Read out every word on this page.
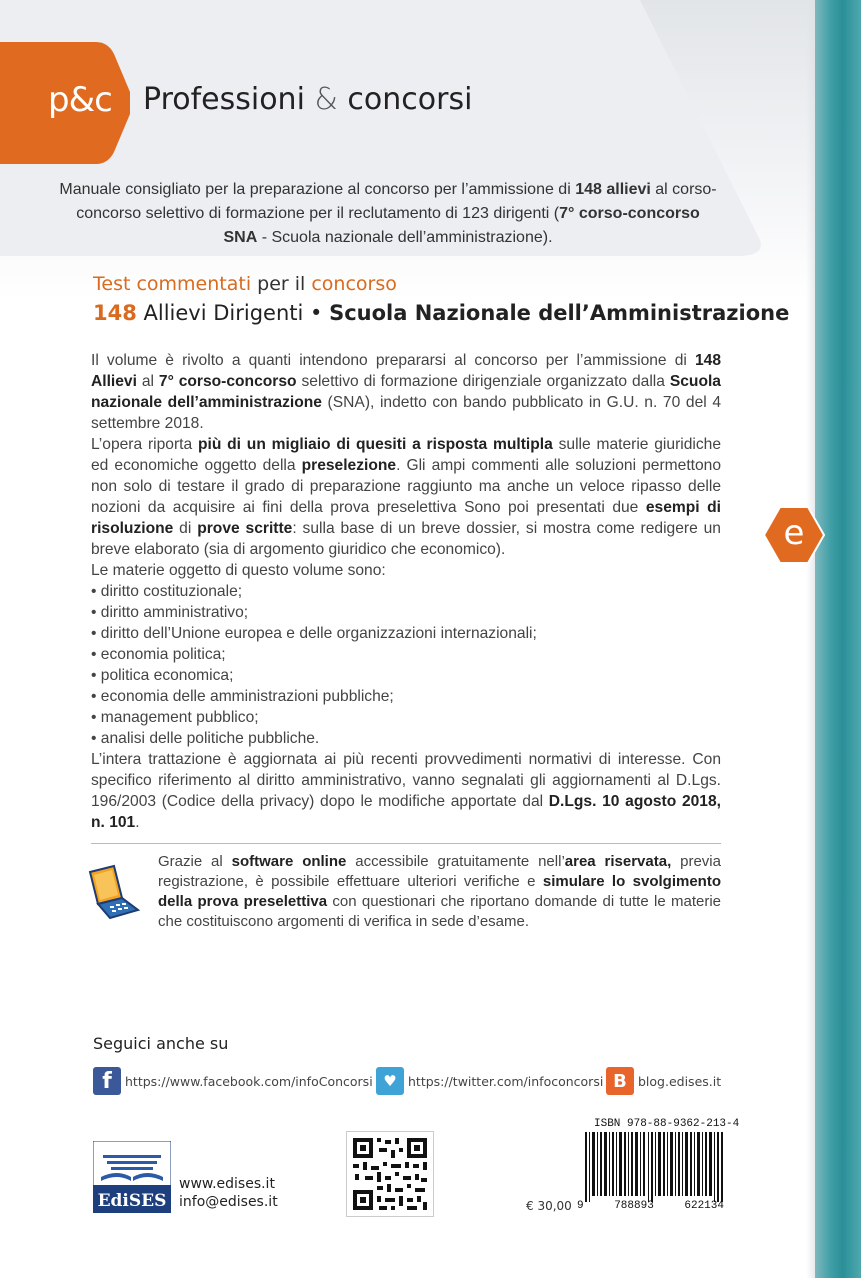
p&c Professioni & concorsi
Manuale consigliato per la preparazione al concorso per l’ammissione di 148 allievi al corso-concorso selettivo di formazione per il reclutamento di 123 dirigenti (7° corso-concorso SNA - Scuola nazionale dell’amministrazione).
Test commentati per il concorso
148 Allievi Dirigenti • Scuola Nazionale dell’Amministrazione

Il volume è rivolto a quanti intendono prepararsi al concorso per l’ammissione di 148 Allievi al 7° corso-concorso selettivo di formazione dirigenziale organizzato dalla Scuola nazionale dell’amministrazione (SNA), indetto con bando pubblicato in G.U. n. 70 del 4 settembre 2018.

L’opera riporta più di un migliaio di quesiti a risposta multipla sulle materie giuridiche ed economiche oggetto della preselezione. Gli ampi commenti alle soluzioni permettono non solo di testare il grado di preparazione raggiunto ma anche un veloce ripasso delle nozioni da acquisire ai fini della prova preselettiva Sono poi presentati due esempi di risoluzione di prove scritte: sulla base di un breve dossier, si mostra come redigere un breve elaborato (sia di argomento giuridico che economico).

Le materie oggetto di questo volume sono:

• diritto costituzionale;
• diritto amministrativo;
• diritto dell’Unione europea e delle organizzazioni internazionali;
• economia politica;
• politica economica;
• economia delle amministrazioni pubbliche;
• management pubblico;
• analisi delle politiche pubbliche.

L’intera trattazione è aggiornata ai più recenti provvedimenti normativi di interesse. Con specifico riferimento al diritto amministrativo, vanno segnalati gli aggiornamenti al D.Lgs. 196/2003 (Codice della privacy) dopo le modifiche apportate dal D.Lgs. 10 agosto 2018, n. 101.

Grazie al software online accessibile gratuitamente nell’area riservata, previa registrazione, è possibile effettuare ulteriori verifiche e simulare lo svolgimento della prova preselettiva con questionari che riportano domande di tutte le materie che costituiscono argomenti di verifica in sede d’esame.
e
Seguici anche su
f	https://www.facebook.com/infoConcorsi ♥ https://twitter.com/infoconcorsi B blog.edises.it
EdiSES
www.edises.it
info@edises.it
ISBN 978-88-9362-213-4
9	788893	622134
€ 30,00
